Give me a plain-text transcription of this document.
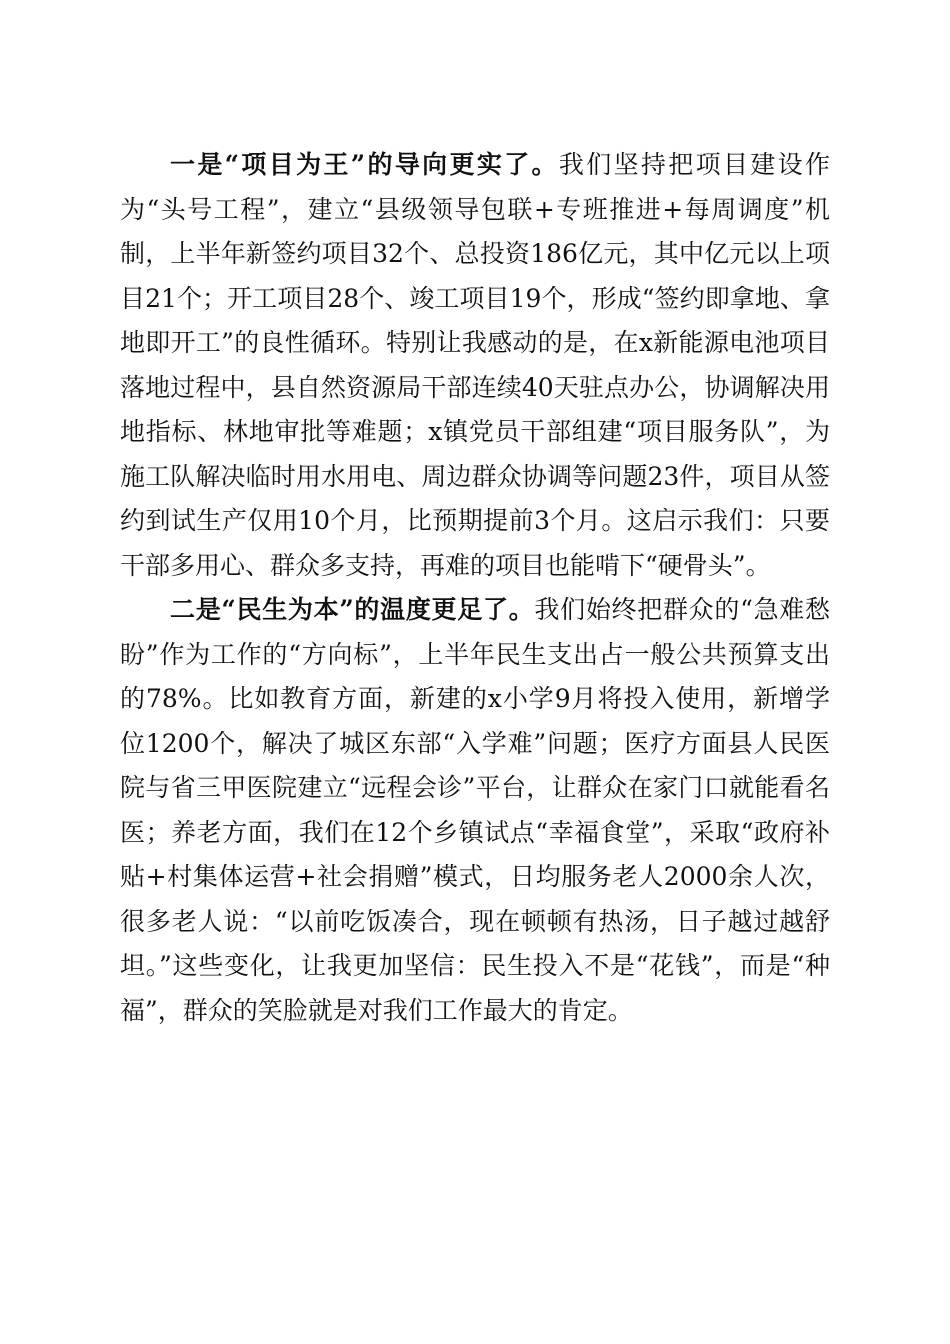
一是“项目为王”的导向更实了。我们坚持把项目建设作为“头号工程”，建立“县级领导包联+专班推进+每周调度”机制，上半年新签约项目32个、总投资186亿元，其中亿元以上项目21个；开工项目28个、竣工项目19个，形成“签约即拿地、拿地即开工”的良性循环。特别让我感动的是，在x新能源电池项目落地过程中，县自然资源局干部连续40天驻点办公，协调解决用地指标、林地审批等难题；x镇党员干部组建“项目服务队”，为施工队解决临时用水用电、周边群众协调等问题23件，项目从签约到试生产仅用10个月，比预期提前3个月。这启示我们：只要干部多用心、群众多支持，再难的项目也能啃下“硬骨头”。

二是“民生为本”的温度更足了。我们始终把群众的“急难愁盼”作为工作的“方向标”，上半年民生支出占一般公共预算支出的78%。比如教育方面，新建的x小学9月将投入使用，新增学位1200个，解决了城区东部“入学难”问题；医疗方面县人民医院与省三甲医院建立“远程会诊”平台，让群众在家门口就能看名医；养老方面，我们在12个乡镇试点“幸福食堂”，采取“政府补贴+村集体运营+社会捐赠”模式，日均服务老人2000余人次，很多老人说：“以前吃饭凑合，现在顿顿有热汤，日子越过越舒坦。”这些变化，让我更加坚信：民生投入不是“花钱”，而是“种福”，群众的笑脸就是对我们工作最大的肯定。
